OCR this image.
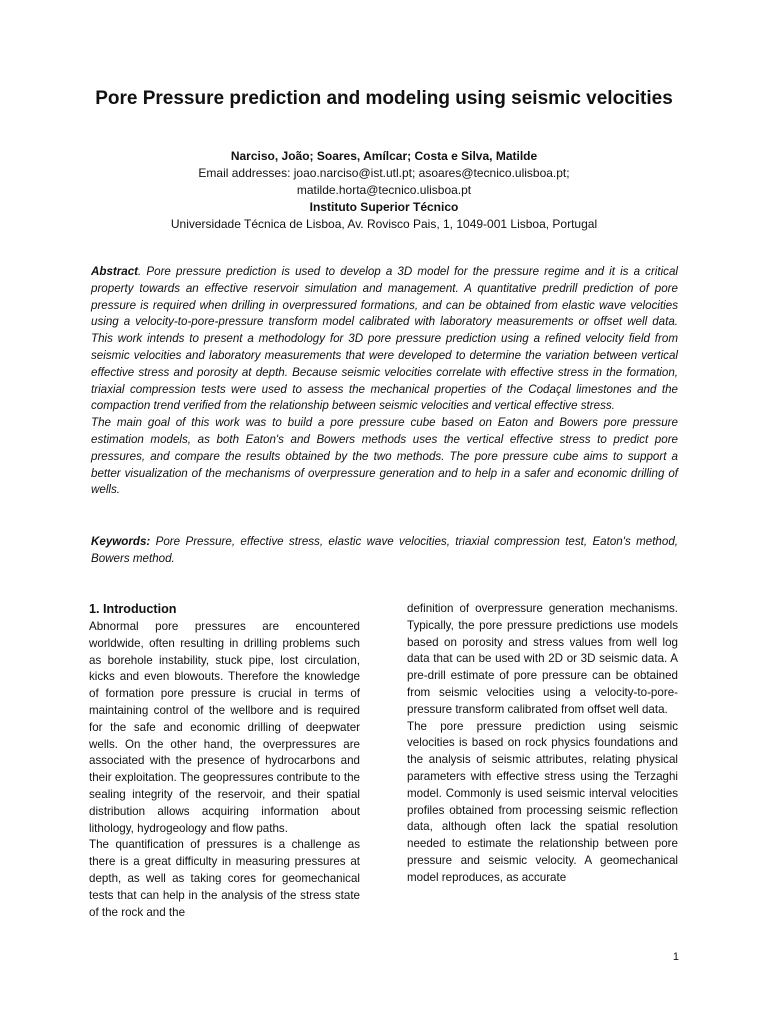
Pore Pressure prediction and modeling using seismic velocities
Narciso, João; Soares, Amílcar; Costa e Silva, Matilde
Email addresses: joao.narciso@ist.utl.pt; asoares@tecnico.ulisboa.pt;
matilde.horta@tecnico.ulisboa.pt
Instituto Superior Técnico
Universidade Técnica de Lisboa, Av. Rovisco Pais, 1, 1049-001 Lisboa, Portugal

Abstract. Pore pressure prediction is used to develop a 3D model for the pressure regime and it is a critical property towards an effective reservoir simulation and management. A quantitative predrill prediction of pore pressure is required when drilling in overpressured formations, and can be obtained from elastic wave velocities using a velocity-to-pore-pressure transform model calibrated with laboratory measurements or offset well data. This work intends to present a methodology for 3D pore pressure prediction using a refined velocity field from seismic velocities and laboratory measurements that were developed to determine the variation between vertical effective stress and porosity at depth. Because seismic velocities correlate with effective stress in the formation, triaxial compression tests were used to assess the mechanical properties of the Codaçal limestones and the compaction trend verified from the relationship between seismic velocities and vertical effective stress.

The main goal of this work was to build a pore pressure cube based on Eaton and Bowers pore pressure estimation models, as both Eaton's and Bowers methods uses the vertical effective stress to predict pore pressures, and compare the results obtained by the two methods. The pore pressure cube aims to support a better visualization of the mechanisms of overpressure generation and to help in a safer and economic drilling of wells.

Keywords: Pore Pressure, effective stress, elastic wave velocities, triaxial compression test, Eaton's method, Bowers method.
1. Introduction

Abnormal pore pressures are encountered worldwide, often resulting in drilling problems such as borehole instability, stuck pipe, lost circulation, kicks and even blowouts. Therefore the knowledge of formation pore pressure is crucial in terms of maintaining control of the wellbore and is required for the safe and economic drilling of deepwater wells. On the other hand, the overpressures are associated with the presence of hydrocarbons and their exploitation. The geopressures contribute to the sealing integrity of the reservoir, and their spatial distribution allows acquiring information about lithology, hydrogeology and flow paths.

The quantification of pressures is a challenge as there is a great difficulty in measuring pressures at depth, as well as taking cores for geomechanical tests that can help in the analysis of the stress state of the rock and the

definition of overpressure generation mechanisms. Typically, the pore pressure predictions use models based on porosity and stress values from well log data that can be used with 2D or 3D seismic data. A pre-drill estimate of pore pressure can be obtained from seismic velocities using a velocity-to-pore-pressure transform calibrated from offset well data.

The pore pressure prediction using seismic velocities is based on rock physics foundations and the analysis of seismic attributes, relating physical parameters with effective stress using the Terzaghi model. Commonly is used seismic interval velocities profiles obtained from processing seismic reflection data, although often lack the spatial resolution needed to estimate the relationship between pore pressure and seismic velocity. A geomechanical model reproduces, as accurate

1
